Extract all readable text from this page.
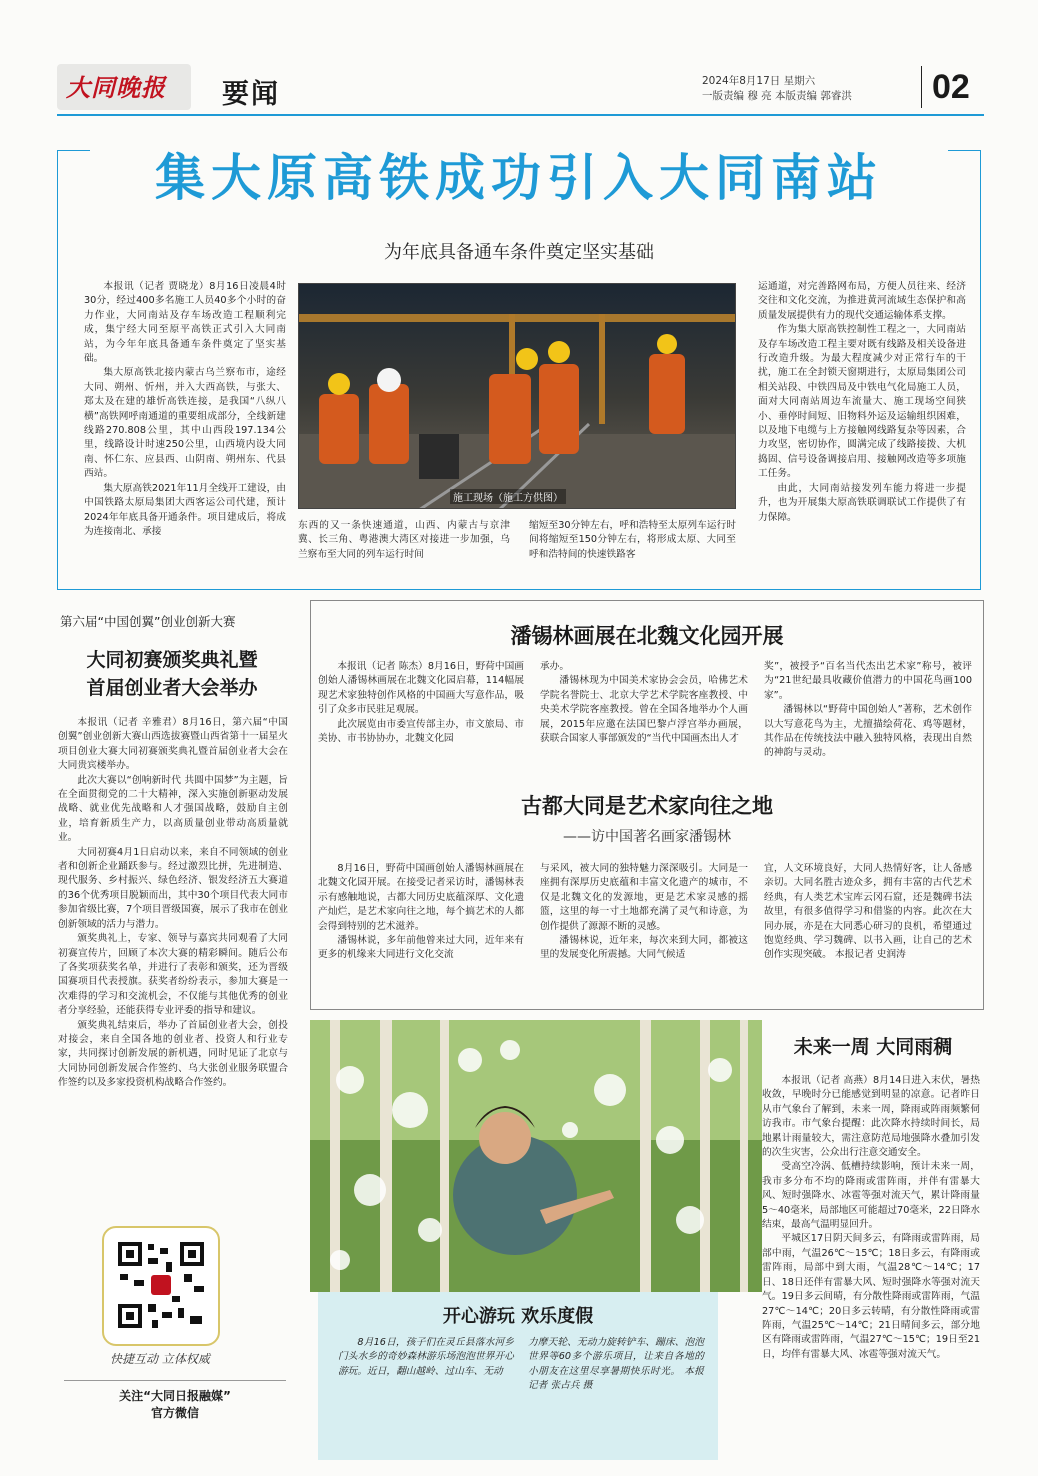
大同晚报 要闻	2024年8月17日 星期六
一版责编 穆 亮 本版责编 郭睿洪 02
集大原高铁成功引入大同南站
为年底具备通车条件奠定坚实基础

本报讯（记者 贾晓龙）8月16日凌晨4时30分，经过400多名施工人员40多个小时的奋力作业，大同南站及存车场改造工程顺利完成，集宁经大同至原平高铁正式引入大同南站，为今年年底具备通车条件奠定了坚实基础。

集大原高铁北接内蒙古乌兰察布市，途经大同、朔州、忻州，并入大西高铁，与张大、郑太及在建的雄忻高铁连接，是我国“八纵八横”高铁网呼南通道的重要组成部分，全线新建线路270.808公里，其中山西段197.134公里，线路设计时速250公里，山西境内设大同南、怀仁东、应县西、山阴南、朔州东、代县西站。

集大原高铁2021年11月全线开工建设，由中国铁路太原局集团大西客运公司代建，预计2024年年底具备开通条件。项目建成后，将成为连接南北、承接

施工现场（施工方供图）

东西的又一条快速通道，山西、内蒙古与京津冀、长三角、粤港澳大湾区对接进一步加强，乌兰察布至大同的列车运行时间

缩短至30分钟左右，呼和浩特至太原列车运行时间将缩短至150分钟左右，将形成太原、大同至呼和浩特间的快速铁路客

运通道，对完善路网布局，方便人员往来、经济交往和文化交流，为推进黄河流域生态保护和高质量发展提供有力的现代交通运输体系支撑。

作为集大原高铁控制性工程之一，大同南站及存车场改造工程主要对既有线路及相关设备进行改造升级。为最大程度减少对正常行车的干扰，施工在全封锁天窗期进行，太原局集团公司相关站段、中铁四局及中铁电气化局施工人员，面对大同南站周边车流量大、施工现场空间狭小、垂停时间短、旧物料外运及运输组织困难，以及地下电缆与上方接触网线路复杂等因素，合力攻坚，密切协作，圆满完成了线路接拨、大机捣固、信号设备调接启用、接触网改造等多项施工任务。

由此，大同南站接发列车能力将进一步提升，也为开展集大原高铁联调联试工作提供了有力保障。

第六届“中国创翼”创业创新大赛
大同初赛颁奖典礼暨
首届创业者大会举办

本报讯（记者 辛雅君）8月16日，第六届“中国创翼”创业创新大赛山西选拔赛暨山西省第十一届星火项目创业大赛大同初赛颁奖典礼暨首届创业者大会在大同贵宾楼举办。

此次大赛以“创响新时代 共圆中国梦”为主题，旨在全面贯彻党的二十大精神，深入实施创新驱动发展战略、就业优先战略和人才强国战略，鼓励自主创业，培育新质生产力，以高质量创业带动高质量就业。

大同初赛4月1日启动以来，来自不同领域的创业者和创新企业踊跃参与。经过激烈比拼，先进制造、现代服务、乡村振兴、绿色经济、银发经济五大赛道的36个优秀项目脱颖而出，其中30个项目代表大同市参加省级比赛，7个项目晋级国赛，展示了我市在创业创新领域的活力与潜力。

颁奖典礼上，专家、领导与嘉宾共同观看了大同初赛宣传片，回顾了本次大赛的精彩瞬间。随后公布了各奖项获奖名单，并进行了表彰和颁奖，还为晋级国赛项目代表授旗。获奖者纷纷表示，参加大赛是一次难得的学习和交流机会，不仅能与其他优秀的创业者分享经验，还能获得专业评委的指导和建议。

颁奖典礼结束后，举办了首届创业者大会，创投对接会，来自全国各地的创业者、投资人和行业专家，共同探讨创新发展的新机遇，同时见证了北京与大同协同创新发展合作签约、乌大张创业服务联盟合作签约以及多家投资机构战略合作签约。

快捷互动 立体权威
关注“大同日报融媒”
官方微信
潘锡林画展在北魏文化园开展

本报讯（记者 陈杰）8月16日，野荷中国画创始人潘锡林画展在北魏文化园启幕，114幅展现艺术家独特创作风格的中国画大写意作品，吸引了众多市民驻足观展。

此次展览由市委宣传部主办，市文旅局、市美协、市书协协办，北魏文化园

承办。

潘锡林现为中国美术家协会会员，哈佛艺术学院名誉院士、北京大学艺术学院客座教授、中央美术学院客座教授。曾在全国各地举办个人画展，2015年应邀在法国巴黎卢浮宫举办画展，获联合国家人事部颁发的“当代中国画杰出人才

奖”，被授予“百名当代杰出艺术家”称号，被评为“21世纪最具收藏价值潜力的中国花鸟画100家”。

潘锡林以“野荷中国创始人”著称，艺术创作以大写意花鸟为主，尤擅描绘荷花、鸡等题材，其作品在传统技法中融入独特风格，表现出自然的神韵与灵动。

古都大同是艺术家向往之地
——访中国著名画家潘锡林

8月16日，野荷中国画创始人潘锡林画展在北魏文化园开展。在接受记者采访时，潘锡林表示有感触地说，古都大同历史底蕴深厚、文化遗产灿烂，是艺术家向往之地，每个搞艺术的人都会得到特别的艺术滋养。

潘锡林说，多年前他曾来过大同，近年来有更多的机缘来大同进行文化交流

与采风，被大同的独特魅力深深吸引。大同是一座拥有深厚历史底蕴和丰富文化遗产的城市，不仅是北魏文化的发源地，更是艺术家灵感的摇篮，这里的每一寸土地都充满了灵气和诗意，为创作提供了源源不断的灵感。

潘锡林说，近年来，每次来到大同，都被这里的发展变化所震撼。大同气候适

宜，人文环境良好，大同人热情好客，让人备感亲切。大同名胜古迹众多，拥有丰富的古代艺术经典，有人类艺术宝库云冈石窟，还是魏碑书法故里，有很多值得学习和借鉴的内容。此次在大同办展，亦是在大同悉心研习的良机，希望通过饱览经典、学习魏碑、以书入画，让自己的艺术创作实现突破。 本报记者 史润涛

开心游玩 欢乐度假

8月16日，孩子们在灵丘县落水河乡门头水乡的奇妙森林游乐场泡泡世界开心游玩。近日，翻山越岭、过山车、无动

力摩天轮、无动力旋转铲车、蹦床、泡泡世界等60多个游乐项目，让来自各地的小朋友在这里尽享暑期快乐时光。 本报记者 张占兵 摄

未来一周 大同雨稠

本报讯（记者 高燕）8月14日进入末伏，暑热收敛，早晚时分已能感觉到明显的凉意。记者昨日从市气象台了解到，未来一周，降雨或阵雨频繁伺访我市。市气象台提醒：此次降水持续时间长，局地累计雨量较大，需注意防范局地强降水叠加引发的次生灾害，公众出行注意交通安全。

受高空冷涡、低槽持续影响，预计未来一周，我市多分布不均的降雨或雷阵雨，并伴有雷暴大风、短时强降水、冰雹等强对流天气，累计降雨量5～40毫米，局部地区可能超过70毫米，22日降水结束，最高气温明显回升。

平城区17日阴天间多云，有降雨或雷阵雨，局部中雨，气温26℃～15℃；18日多云，有降雨或雷阵雨，局部中到大雨，气温28℃～14℃；17日、18日还伴有雷暴大风、短时强降水等强对流天气。19日多云间晴，有分散性降雨或雷阵雨，气温27℃～14℃；20日多云转晴，有分散性降雨或雷阵雨，气温25℃～14℃；21日晴间多云，部分地区有降雨或雷阵雨，气温27℃～15℃；19日至21日，均伴有雷暴大风、冰雹等强对流天气。
